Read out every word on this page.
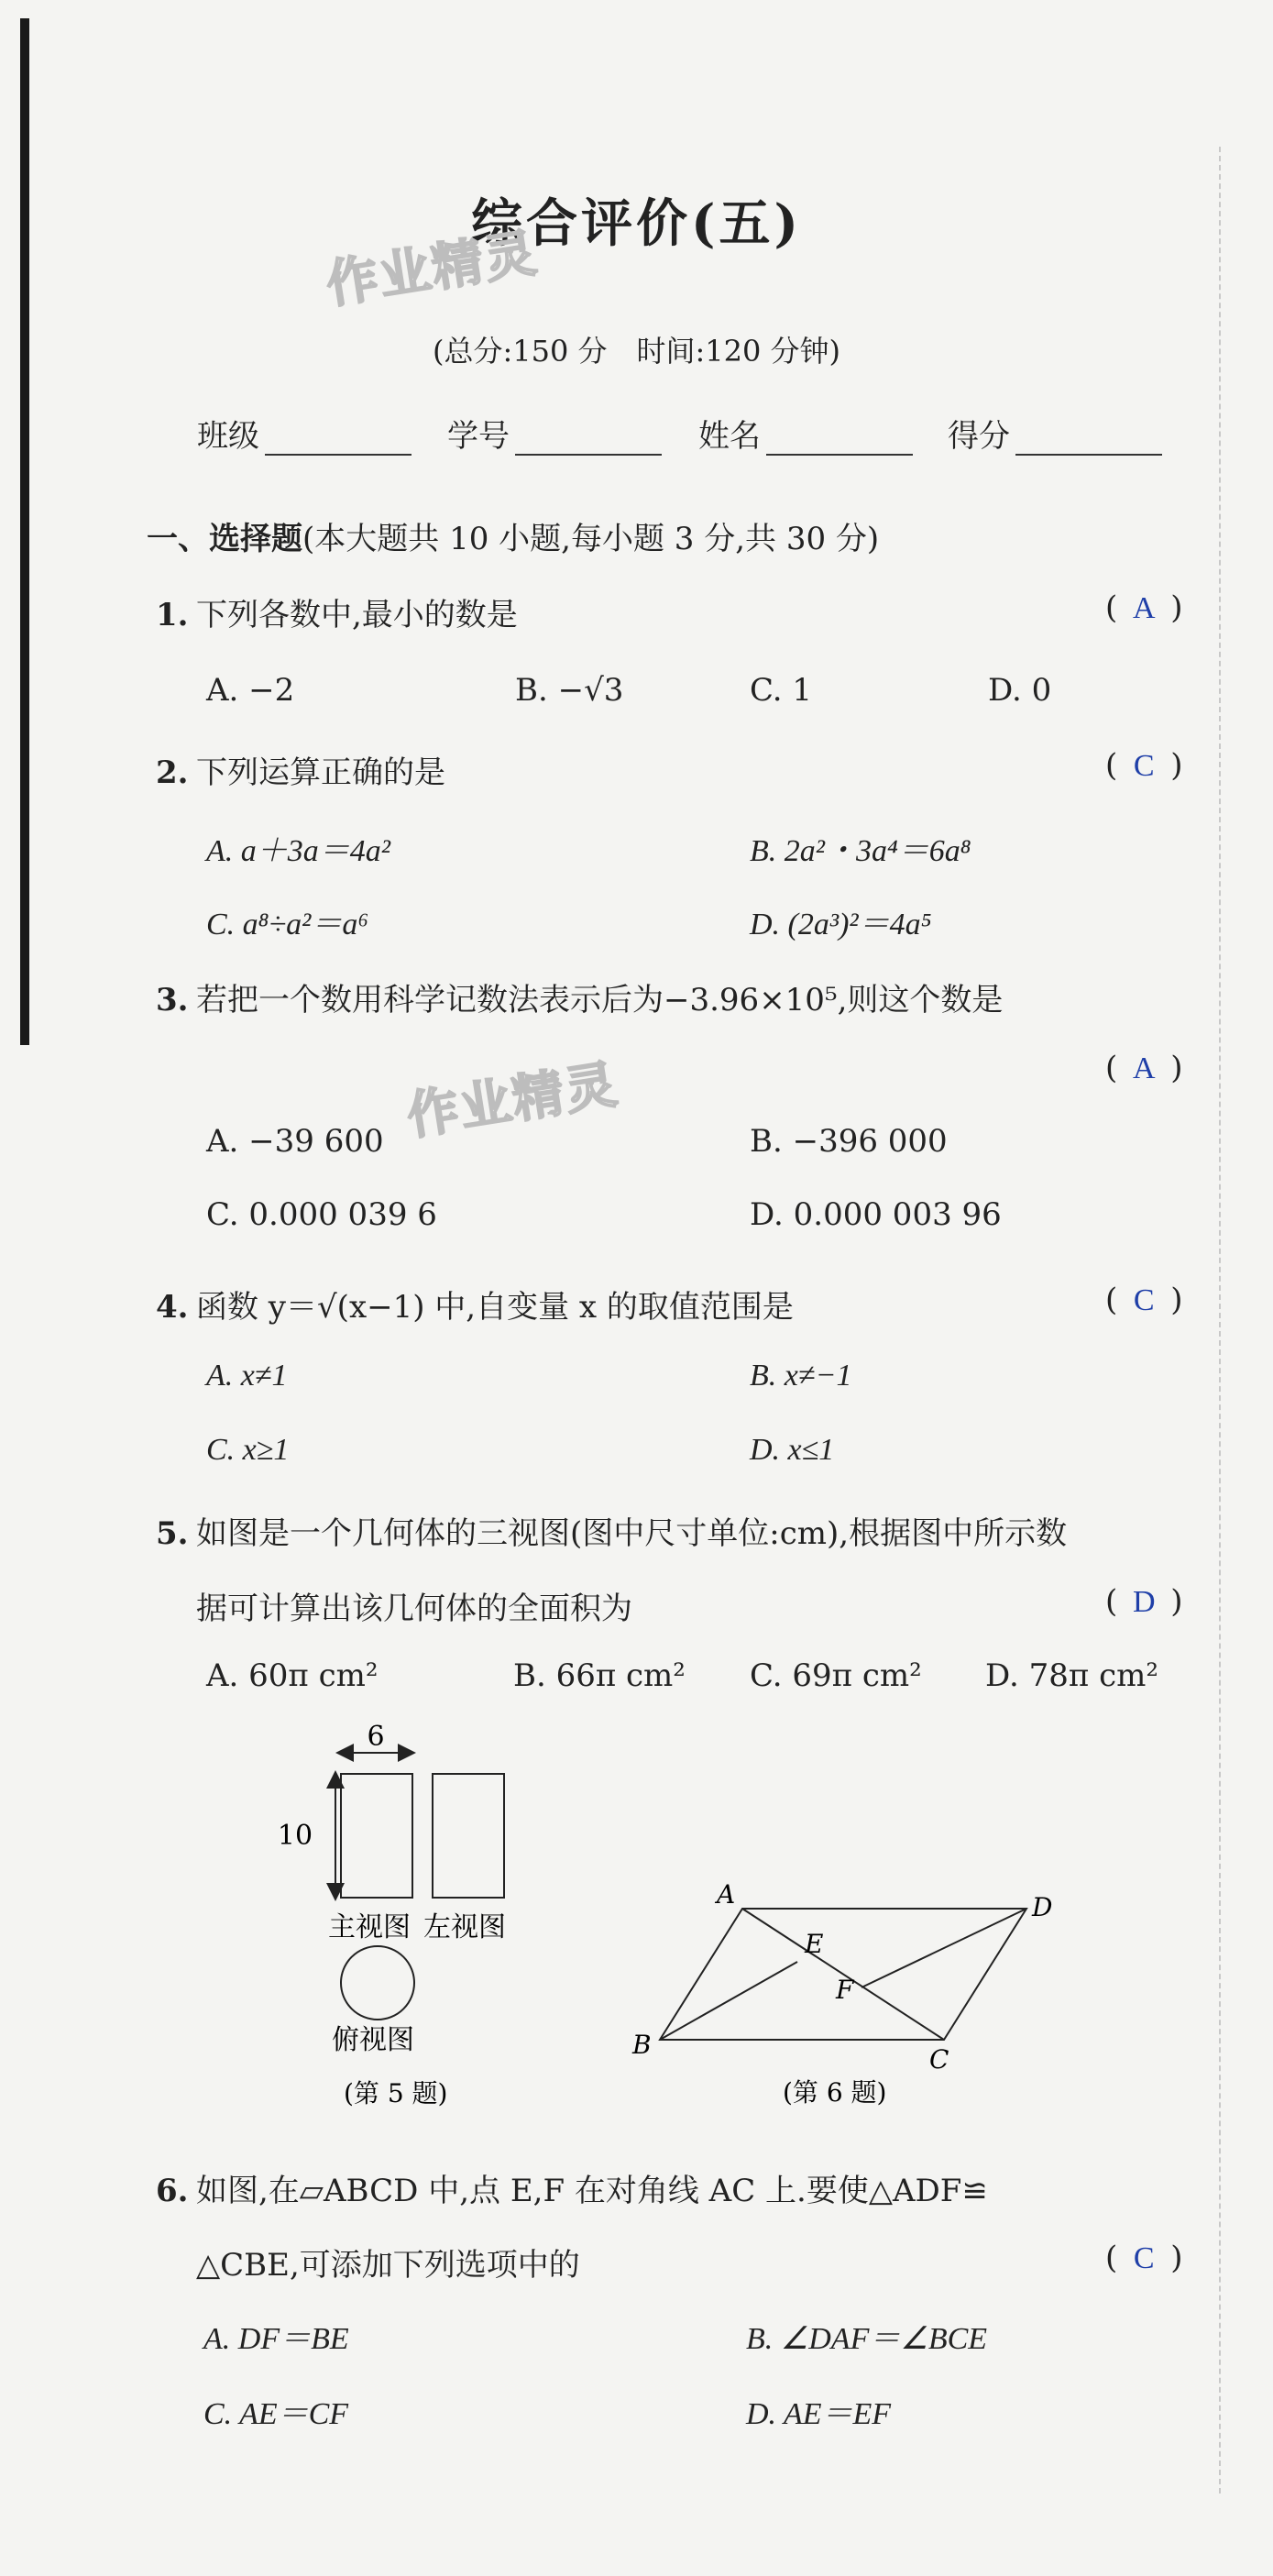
综合评价(五)
作业精灵
(总分:150 分　时间:120 分钟)
班级	学号	姓名	得分
一、选择题(本大题共 10 小题,每小题 3 分,共 30 分)
1. 下列各数中,最小的数是	( A )
A. −2	B. −√3	C. 1	D. 0
2. 下列运算正确的是	( C )
A. a＋3a＝4a²	B. 2a²・3a⁴＝6a⁸
C. a⁸÷a²＝a⁶	D. (2a³)²＝4a⁵
3. 若把一个数用科学记数法表示后为−3.96×10⁵,则这个数是
作业精灵	( A )
A. −39 600	B. −396 000
C. 0.000 039 6	D. 0.000 003 96
4. 函数 y＝√(x−1) 中,自变量 x 的取值范围是	( C )
A. x≠1	B. x≠−1
C. x≥1	D. x≤1
5. 如图是一个几何体的三视图(图中尺寸单位:cm),根据图中所示数
据可计算出该几何体的全面积为	( D )
A. 60π cm²	B. 66π cm² C. 69π cm² D. 78π cm²
6
10
主视图 左视图
俯视图
(第 5 题)
A	D
B	C
E
F
(第 6 题)
6. 如图,在▱ABCD 中,点 E,F 在对角线 AC 上.要使△ADF≌
△CBE,可添加下列选项中的	( C )
A. DF＝BE	B. ∠DAF＝∠BCE
C. AE＝CF	D. AE＝EF
